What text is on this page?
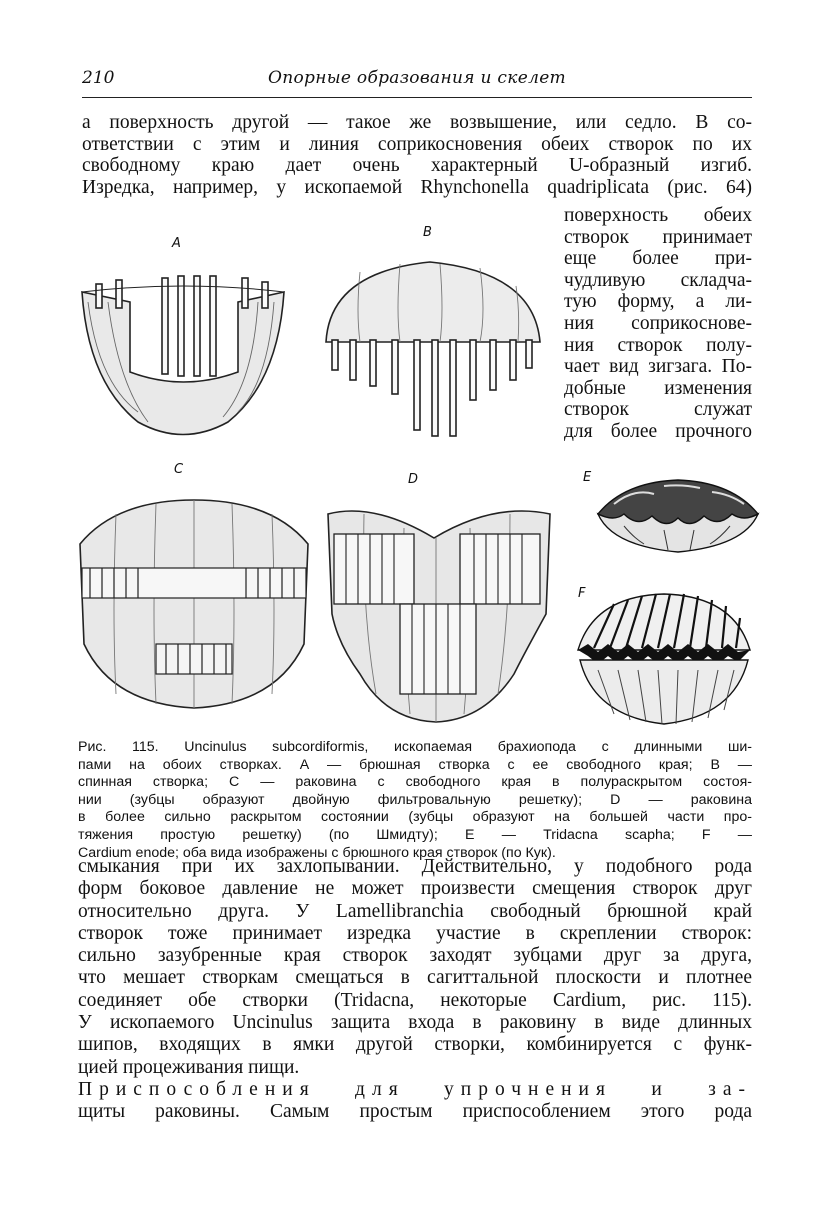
210	Опорные образования и скелет
а поверхность другой — такое же возвышение, или седло. В со-
ответствии с этим и линия соприкосновения обеих створок по их
свободному краю дает очень характерный U-образный изгиб.
Изредка, например, у ископаемой Rhynchonella quadriplicata (рис. 64)
поверхность обеих
створок принимает
еще более при-
чудливую складча-
тую форму, а ли-
ния соприкоснове-
ния створок полу-
чает вид зигзага. По-
добные изменения
створок служат
для более прочного
A
B
C
D	E
F
Рис. 115. Uncinulus subcordiformis, ископаемая брахиопода с длинными ши-
пами на обоих створках. А — брюшная створка с ее свободного края; В —
спинная створка; С — раковина с свободного края в полураскрытом состоя-
нии (зубцы образуют двойную фильтровальную решетку); D — раковина
в более сильно раскрытом состоянии (зубцы образуют на большей части про-
тяжения простую решетку) (по Шмидту); Е — Tridacna scapha; F —
Cardium enode; оба вида изображены с брюшного края створок (по Кук).
смыкания при их захлопывании. Действительно, у подобного рода
форм боковое давление не может произвести смещения створок друг
относительно друга. У Lamellibranchia свободный брюшной край
створок тоже принимает изредка участие в скреплении створок:
сильно зазубренные края створок заходят зубцами друг за друга,
что мешает створкам смещаться в сагиттальной плоскости и плотнее
соединяет обе створки (Tridacna, некоторые Cardium, рис. 115).
У ископаемого Uncinulus защита входа в раковину в виде длинных
шипов, входящих в ямки другой створки, комбинируется с функ-
цией процеживания пищи.
Приспособления для упрочнения и за-
щиты раковины. Самым простым приспособлением этого рода
